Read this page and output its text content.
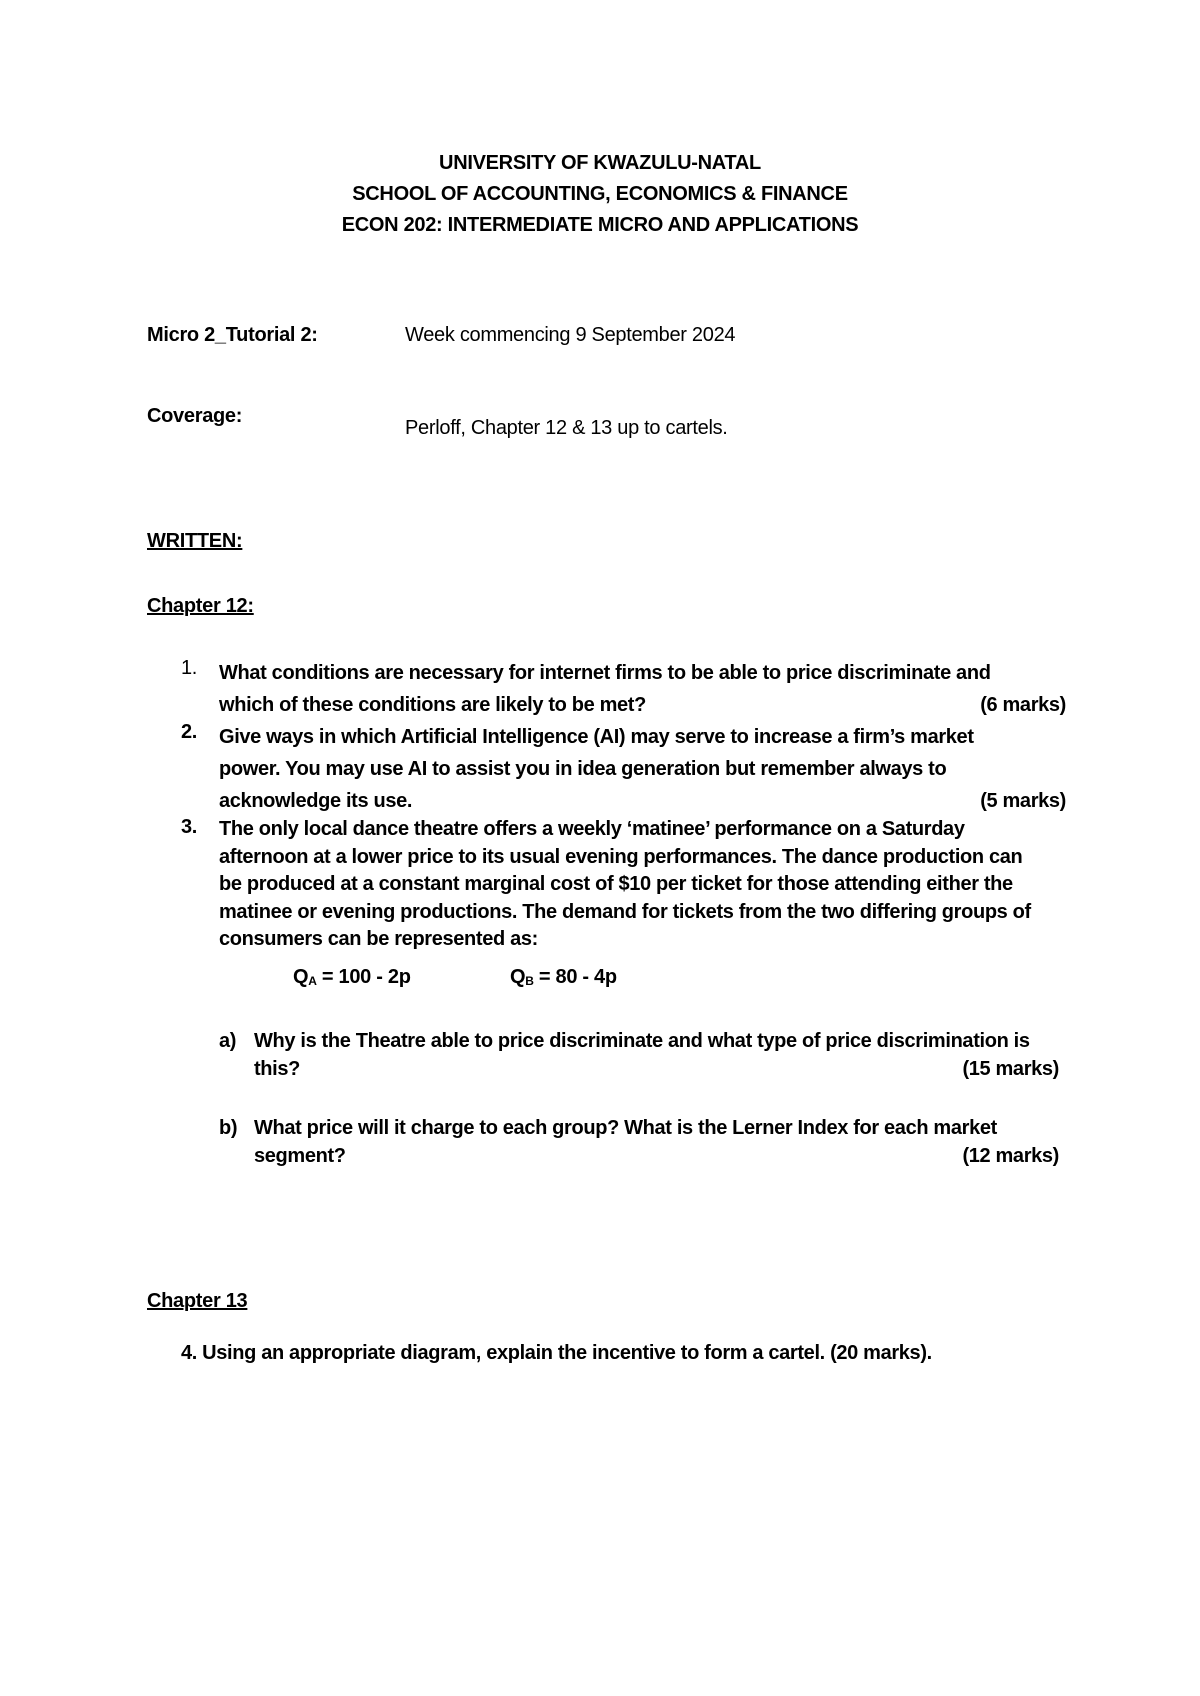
UNIVERSITY OF KWAZULU-NATAL
SCHOOL OF ACCOUNTING, ECONOMICS & FINANCE
ECON 202: INTERMEDIATE MICRO AND APPLICATIONS
Micro 2_Tutorial 2:	Week commencing 9 September 2024
Coverage:
Perloff, Chapter 12 & 13 up to cartels.
WRITTEN:
Chapter 12:
1. What conditions are necessary for internet firms to be able to price discriminate and
which of these conditions are likely to be met?	(6 marks)
2. Give ways in which Artificial Intelligence (AI) may serve to increase a firm’s market
power. You may use AI to assist you in idea generation but remember always to
acknowledge its use.	(5 marks)
3. The only local dance theatre offers a weekly ‘matinee’ performance on a Saturday
afternoon at a lower price to its usual evening performances. The dance production can
be produced at a constant marginal cost of $10 per ticket for those attending either the
matinee or evening productions. The demand for tickets from the two differing groups of
consumers can be represented as:
$Q_A = 100 - 2p$	$Q_B = 80 - 4p$
a) Why is the Theatre able to price discriminate and what type of price discrimination is
this?	(15 marks)
b) What price will it charge to each group? What is the Lerner Index for each market
segment?	(12 marks)
Chapter 13
4. Using an appropriate diagram, explain the incentive to form a cartel. (20 marks).
